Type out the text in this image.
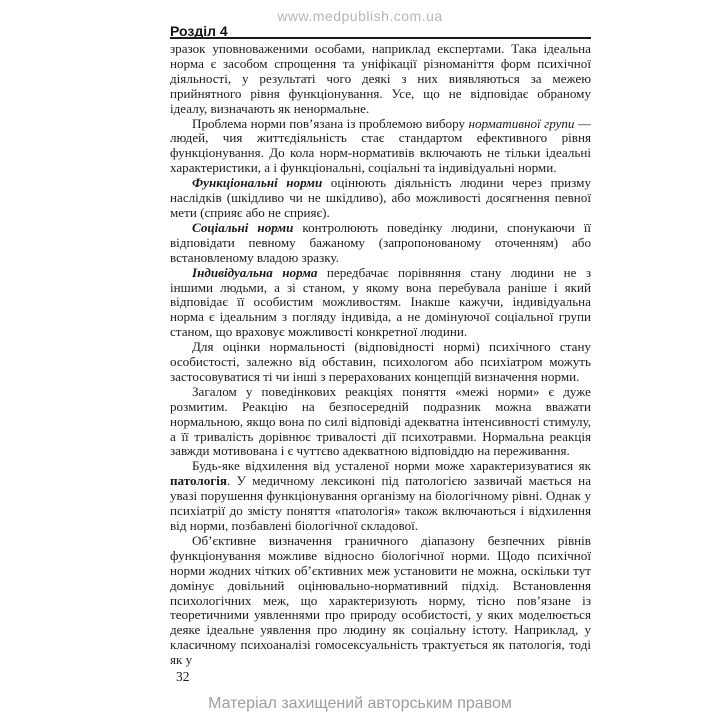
www.medpublish.com.ua
Розділ 4

зразок уповноваженими особами, наприклад експертами. Така ідеальна норма є засобом спрощення та уніфікації різноманіття форм психічної діяльності, у результаті чого деякі з них виявляються за межею прийнятного рівня функціонування. Усе, що не відповідає обраному ідеалу, визначають як ненормальне.

Проблема норми пов’язана із проблемою вибору нормативної групи — людей, чия життєдіяльність стає стандартом ефективного рівня функціонування. До кола норм-нормативів включають не тільки ідеальні характеристики, а і функціональні, соціальні та індивідуальні норми.

Функціональні норми оцінюють діяльність людини через призму наслідків (шкідливо чи не шкідливо), або можливості досягнення певної мети (сприяє або не сприяє).

Соціальні норми контролюють поведінку людини, спонукаючи її відповідати певному бажаному (запропонованому оточенням) або встановленому владою зразку.

Індивідуальна норма передбачає порівняння стану людини не з іншими людьми, а зі станом, у якому вона перебувала раніше і який відповідає її особистим можливостям. Інакше кажучи, індивідуальна норма є ідеальним з погляду індивіда, а не домінуючої соціальної групи станом, що враховує можливості конкретної людини.

Для оцінки нормальності (відповідності нормі) психічного стану особистості, залежно від обставин, психологом або психіатром можуть застосовуватися ті чи інші з перерахованих концепцій визначення норми.

Загалом у поведінкових реакціях поняття «межі норми» є дуже розмитим. Реакцію на безпосередній подразник можна вважати нормальною, якщо вона по силі відповіді адекватна інтенсивності стимулу, а її тривалість дорівнює тривалості дії психотравми. Нормальна реакція завжди мотивована і є чуттєво адекватною відповіддю на переживання.

Будь-яке відхилення від усталеної норми може характеризуватися як патологія. У медичному лексиконі під патологією зазвичай мається на увазі порушення функціонування організму на біологічному рівні. Однак у психіатрії до змісту поняття «патологія» також включаються і відхилення від норми, позбавлені біологічної складової.

Об’єктивне визначення граничного діапазону безпечних рівнів функціонування можливе відносно біологічної норми. Щодо психічної норми жодних чітких об’єктивних меж установити не можна, оскільки тут домінує довільний оцінювально-нормативний підхід. Встановлення психологічних меж, що характеризують норму, тісно пов’язане із теоретичними уявленнями про природу особистості, у яких моделюється деяке ідеальне уявлення про людину як соціальну істоту. Наприклад, у класичному психоаналізі гомосексуальність трактується як патологія, тоді як у

32
Матеріал захищений авторським правом
